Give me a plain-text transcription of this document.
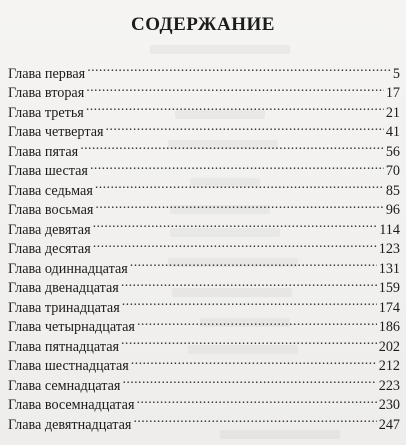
СОДЕРЖАНИЕ
Глава первая .....	5
Глава вторая .....	17
Глава третья .....	21
Глава четвертая .....	41
Глава пятая .....	56
Глава шестая .....	70
Глава седьмая .....	85
Глава восьмая .....	96
Глава девятая .....	114
Глава десятая .....	123
Глава одиннадцатая .....	131
Глава двенадцатая .....	159
Глава тринадцатая .....	174
Глава четырнадцатая .....	186
Глава пятнадцатая .....	202
Глава шестнадцатая .....	212
Глава семнадцатая .....	223
Глава восемнадцатая .....	230
Глава девятнадцатая .....	247
